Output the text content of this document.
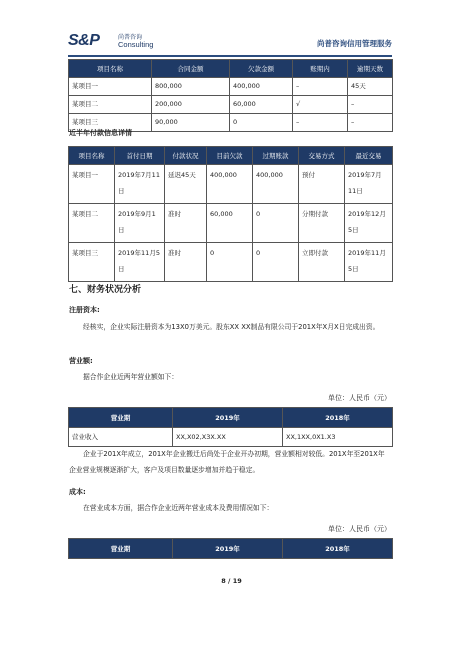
S&P	尚普咨询
Consulting	尚普咨询信用管理服务
项目名称	合同金额	欠款金额	账期内	逾期天数
某项目一	800,000	400,000	–	45天
某项目二	200,000	60,000	√	–
某项目三	90,000	0	–	–
近半年付款信息详情
项目名称	首付日期	付款状况	目前欠款	过期账款	交易方式	最近交易
某项目一	2019年7月11日	延迟45天	400,000	400,000	预付	2019年7月11日
某项目二	2019年9月1日	准时	60,000	0	分期付款	2019年12月5日
某项目三	2019年11月5日	准时	0	0	立即付款	2019年11月5日
七、财务状况分析
注册资本:
经核实，企业实际注册资本为13X0万美元。股东XX XX制品有限公司于201X年X月X日完成出资。
营业额:
据合作企业近两年营业额如下：
单位：人民币（元）
营业期	2019年	2018年
营业收入	XX,X02,X3X.XX	XX,1XX,0X1.X3
企业于201X年成立，201X年企业搬迁后尚处于企业开办初期，营业额相对较低。201X年至201X年企业营业规模逐渐扩大，客户及项目数量逐步增加并趋于稳定。
成本:
在营业成本方面，据合作企业近两年营业成本及费用情况如下：
单位：人民币（元）
营业期	2019年	2018年
8 / 19
